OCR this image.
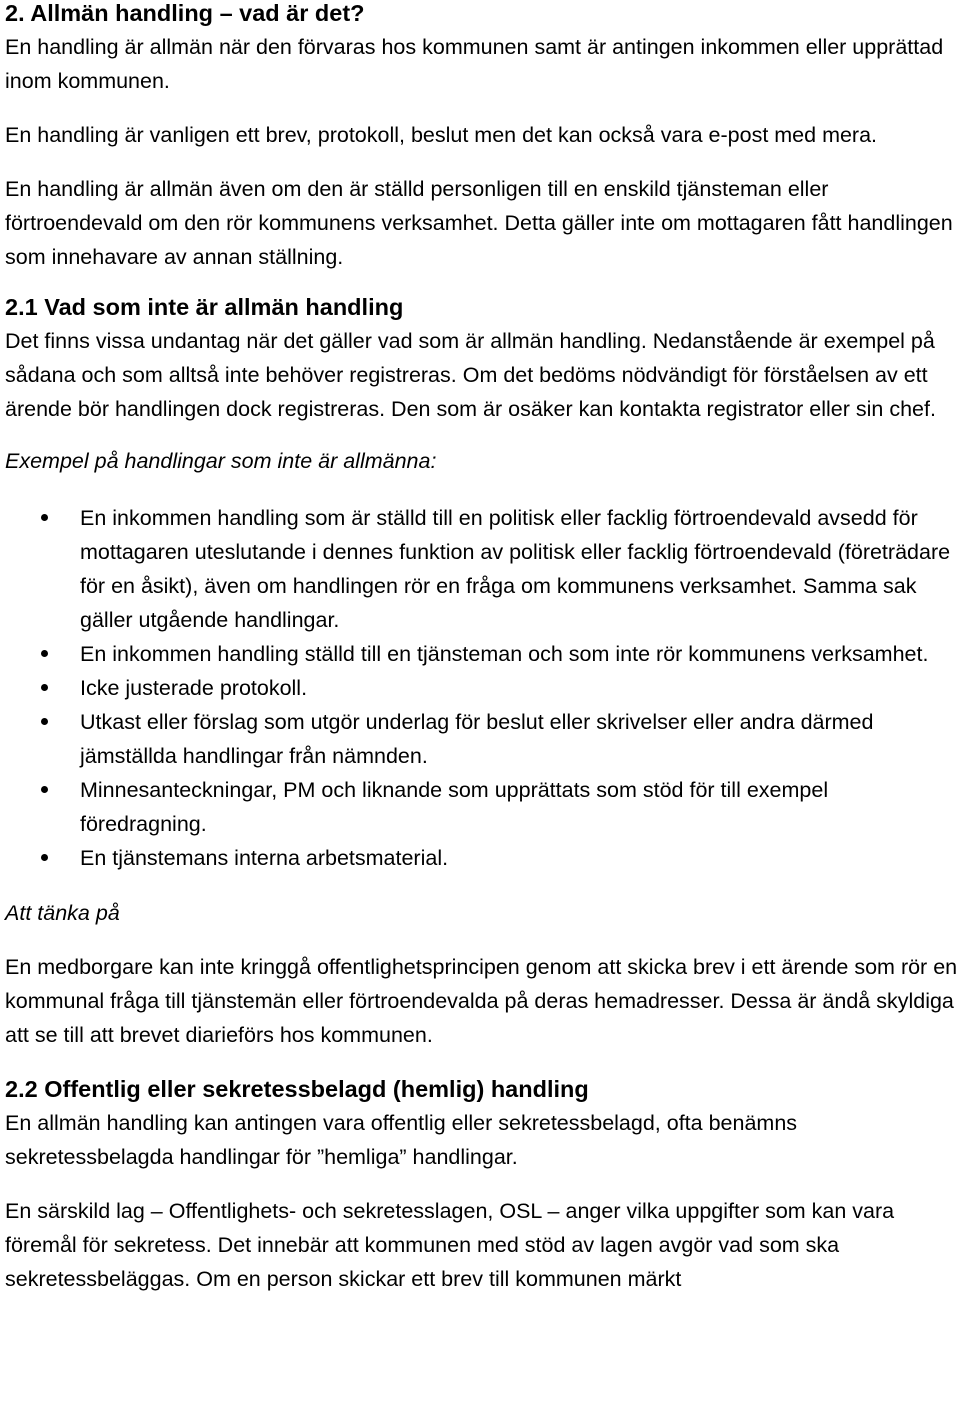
2. Allmän handling – vad är det?

En handling är allmän när den förvaras hos kommunen samt är antingen inkommen eller upprättad inom kommunen.

En handling är vanligen ett brev, protokoll, beslut men det kan också vara e-post med mera.

En handling är allmän även om den är ställd personligen till en enskild tjänsteman eller förtroendevald om den rör kommunens verksamhet. Detta gäller inte om mottagaren fått handlingen som innehavare av annan ställning.

2.1 Vad som inte är allmän handling

Det finns vissa undantag när det gäller vad som är allmän handling. Nedanstående är exempel på sådana och som alltså inte behöver registreras. Om det bedöms nödvändigt för förståelsen av ett ärende bör handlingen dock registreras. Den som är osäker kan kontakta registrator eller sin chef.

Exempel på handlingar som inte är allmänna:

En inkommen handling som är ställd till en politisk eller facklig förtroendevald avsedd för mottagaren uteslutande i dennes funktion av politisk eller facklig förtroendevald (företrädare för en åsikt), även om handlingen rör en fråga om kommunens verksamhet. Samma sak gäller utgående handlingar.
En inkommen handling ställd till en tjänsteman och som inte rör kommunens verksamhet.
Icke justerade protokoll.
Utkast eller förslag som utgör underlag för beslut eller skrivelser eller andra därmed jämställda handlingar från nämnden.
Minnesanteckningar, PM och liknande som upprättats som stöd för till exempel föredragning.
En tjänstemans interna arbetsmaterial.

Att tänka på

En medborgare kan inte kringgå offentlighetsprincipen genom att skicka brev i ett ärende som rör en kommunal fråga till tjänstemän eller förtroendevalda på deras hemadresser. Dessa är ändå skyldiga att se till att brevet diarieförs hos kommunen.

2.2 Offentlig eller sekretessbelagd (hemlig) handling

En allmän handling kan antingen vara offentlig eller sekretessbelagd, ofta benämns sekretessbelagda handlingar för ”hemliga” handlingar.

En särskild lag – Offentlighets- och sekretesslagen, OSL – anger vilka uppgifter som kan vara föremål för sekretess. Det innebär att kommunen med stöd av lagen avgör vad som ska sekretessbeläggas. Om en person skickar ett brev till kommunen märkt
